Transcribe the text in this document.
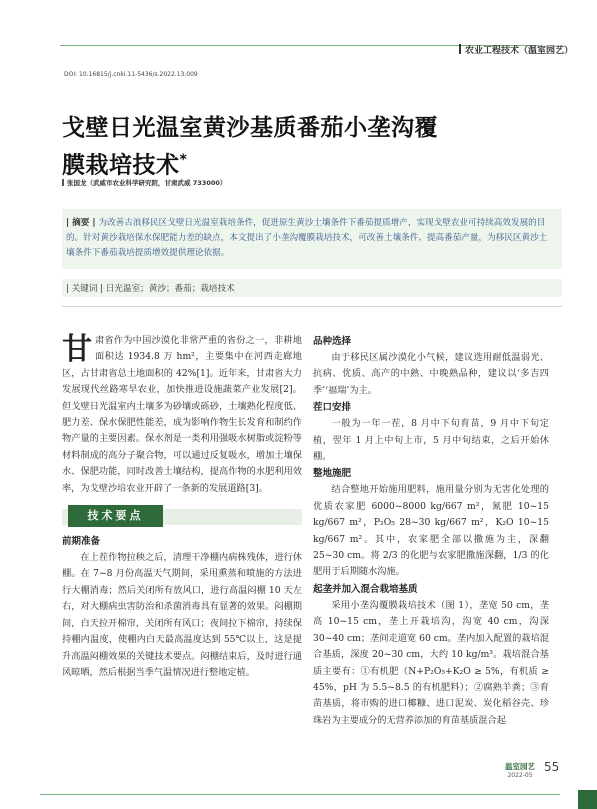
农业工程技术（温室园艺）
DOI: 10.16815/j.cnki.11-5436/s.2022.13.009
戈壁日光温室黄沙基质番茄小垄沟覆
膜栽培技术*
张国龙（武威市农业科学研究院，甘肃武威 733000）
| 摘要 | 为改善古浪移民区戈壁日光温室栽培条件，促进原生黄沙土壤条件下番茄提质增产，实现戈壁农业可持续高效发展的目的。针对黄沙栽培保水保肥能力差的缺点，本文提出了小垄沟覆膜栽培技术，可改善土壤条件、提高番茄产量，为移民区黄沙土壤条件下番茄栽培提质增效提供理论依据。
| 关键词 | 日光温室；黄沙；番茄；栽培技术

甘肃省作为中国沙漠化非常严重的省份之一，非耕地面积达 1934.8 万 hm²，主要集中在河西走廊地区，占甘肃省总土地面积的 42%[1]。近年来，甘肃省大力发展现代丝路寒旱农业，加快推进设施蔬菜产业发展[2]。但戈壁日光温室内土壤多为砂壤或砾砂，土壤熟化程度低、肥力差、保水保肥性能差，成为影响作物生长发育和制约作物产量的主要因素。保水剂是一类利用强吸水树脂或淀粉等材料制成的高分子聚合物，可以通过反复吸水，增加土壤保水、保肥功能，同时改善土壤结构，提高作物的水肥利用效率，为戈壁沙培农业开辟了一条新的发展道路[3]。

技术要点
前期准备

在上茬作物拉秧之后，清理干净棚内病株残体，进行休棚。在 7~8 月份高温天气期间，采用熏蒸和喷施的方法进行大棚消毒；然后关闭所有放风口，进行高温闷棚 10 天左右，对大棚病虫害防治和杀菌消毒具有显著的效果。闷棚期间，白天拉开棉帘，关闭所有风口；夜间拉下棉帘，持续保持棚内温度，使棚内白天最高温度达到 55℃以上，这是提升高温闷棚效果的关键技术要点。闷棚结束后，及时进行通风晾晒，然后根据当季气温情况进行整地定植。

品种选择

由于移民区属沙漠化小气候，建议选用耐低温弱光、抗病、优质、高产的中熟、中晚熟品种，建议以‘多吉四季’‘福瑞’为主。

茬口安排

一般为一年一茬，8 月中下旬育苗，9 月中下旬定植，翌年 1 月上中旬上市，5 月中旬结束，之后开始休棚。

整地施肥

结合整地开始施用肥料，施用量分别为无害化处理的优质农家肥 6000~8000 kg/667 m²，氮肥 10~15 kg/667 m²，P₂O₅ 28~30 kg/667 m²，K₂O 10~15 kg/667 m²。其中，农家肥全部以撒施为主，深翻 25~30 cm。将 2/3 的化肥与农家肥撒施深翻，1/3 的化肥用于后期随水沟施。

起垄并加入混合栽培基质

采用小垄沟覆膜栽培技术（图 1），垄宽 50 cm，垄高 10~15 cm，垄上开栽培沟，沟宽 40 cm，沟深 30~40 cm；垄间走道宽 60 cm。垄内加入配置的栽培混合基质，深度 20~30 cm，大约 10 kg/m³。栽培混合基质主要有：①有机肥（N+P₂O₅+K₂O ≥ 5%，有机质 ≥ 45%，pH 为 5.5~8.5 的有机肥料）；②腐熟羊粪；③育苗基质，将市购的进口椰糠、进口泥炭、炭化稻谷壳、珍珠岩为主要成分的无营养添加的育苗基质混合起

温室园艺
2022-05
55
